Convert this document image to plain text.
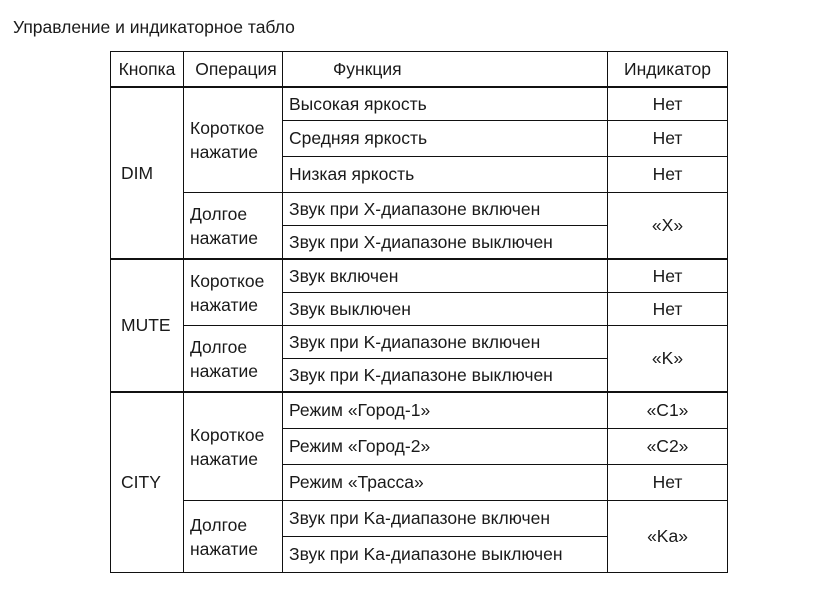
Управление и индикаторное табло
Кнопка	Операция	Функция	Индикатор
DIM	Короткое нажатие	Высокая яркость	Нет
		Средняя яркость	Нет
		Низкая яркость	Нет
	Долгое нажатие	Звук при X-диапазоне включен	«X»
		Звук при X-диапазоне выключен	
MUTE	Короткое нажатие	Звук включен	Нет
		Звук выключен	Нет
	Долгое нажатие	Звук при K-диапазоне включен	«K»
		Звук при K-диапазоне выключен	
CITY	Короткое нажатие	Режим «Город-1»	«C1»
		Режим «Город-2»	«C2»
		Режим «Трасса»	Нет
	Долгое нажатие	Звук при Ka-диапазоне включен	«Ka»
		Звук при Ka-диапазоне выключен	
